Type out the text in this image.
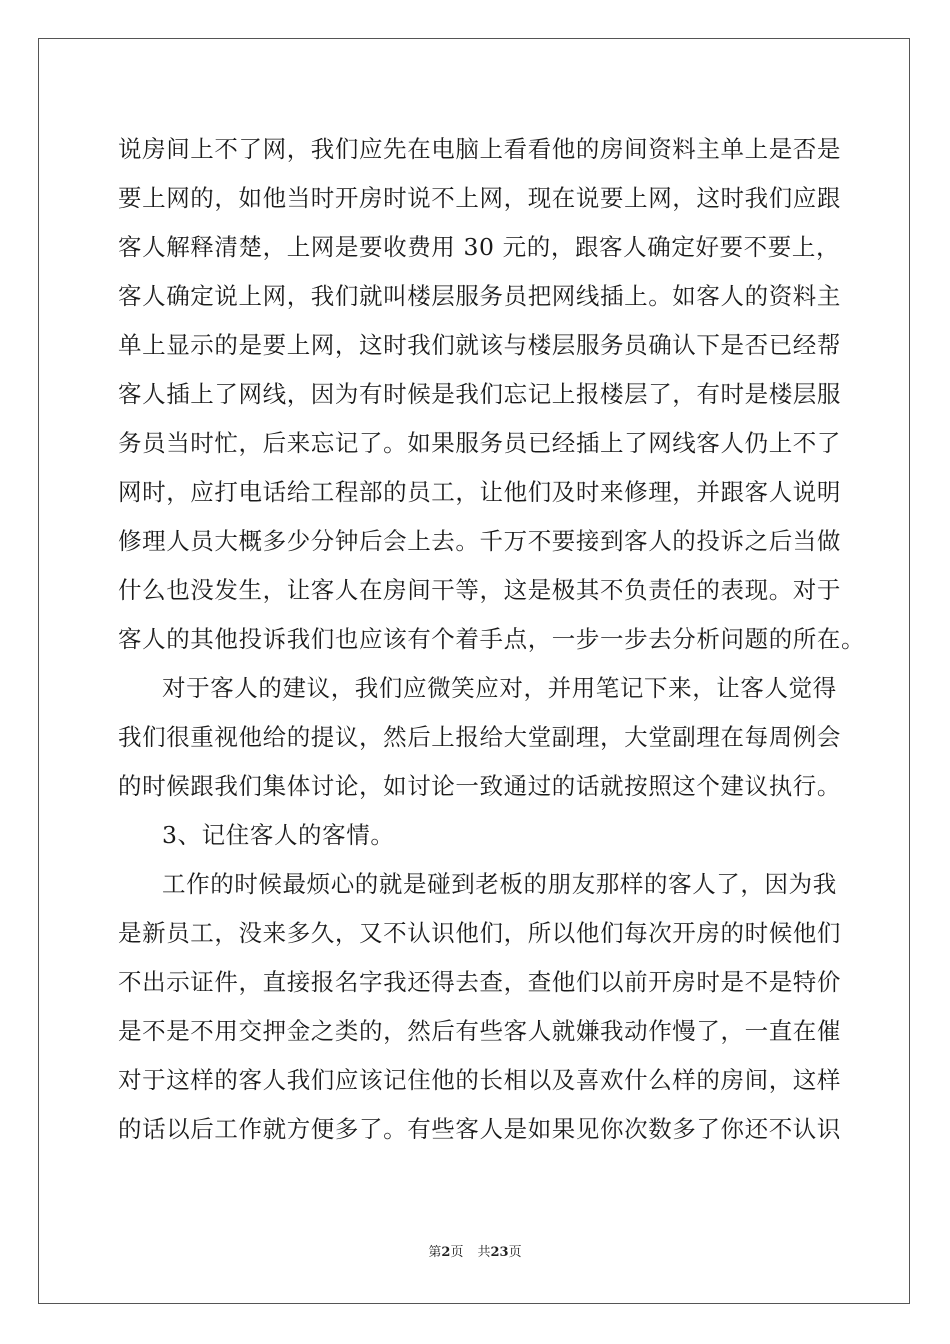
说房间上不了网，我们应先在电脑上看看他的房间资料主单上是否是
要上网的，如他当时开房时说不上网，现在说要上网，这时我们应跟
客人解释清楚，上网是要收费用 30 元的，跟客人确定好要不要上，
客人确定说上网，我们就叫楼层服务员把网线插上。如客人的资料主
单上显示的是要上网，这时我们就该与楼层服务员确认下是否已经帮
客人插上了网线，因为有时候是我们忘记上报楼层了，有时是楼层服
务员当时忙，后来忘记了。如果服务员已经插上了网线客人仍上不了
网时，应打电话给工程部的员工，让他们及时来修理，并跟客人说明
修理人员大概多少分钟后会上去。千万不要接到客人的投诉之后当做
什么也没发生，让客人在房间干等，这是极其不负责任的表现。对于
客人的其他投诉我们也应该有个着手点，一步一步去分析问题的所在。
对于客人的建议，我们应微笑应对，并用笔记下来，让客人觉得
我们很重视他给的提议，然后上报给大堂副理，大堂副理在每周例会
的时候跟我们集体讨论，如讨论一致通过的话就按照这个建议执行。
3、记住客人的客情。
工作的时候最烦心的就是碰到老板的朋友那样的客人了，因为我
是新员工，没来多久，又不认识他们，所以他们每次开房的时候他们
不出示证件，直接报名字我还得去查，查他们以前开房时是不是特价
是不是不用交押金之类的，然后有些客人就嫌我动作慢了，一直在催
对于这样的客人我们应该记住他的长相以及喜欢什么样的房间，这样
的话以后工作就方便多了。有些客人是如果见你次数多了你还不认识
第2页 共23页
